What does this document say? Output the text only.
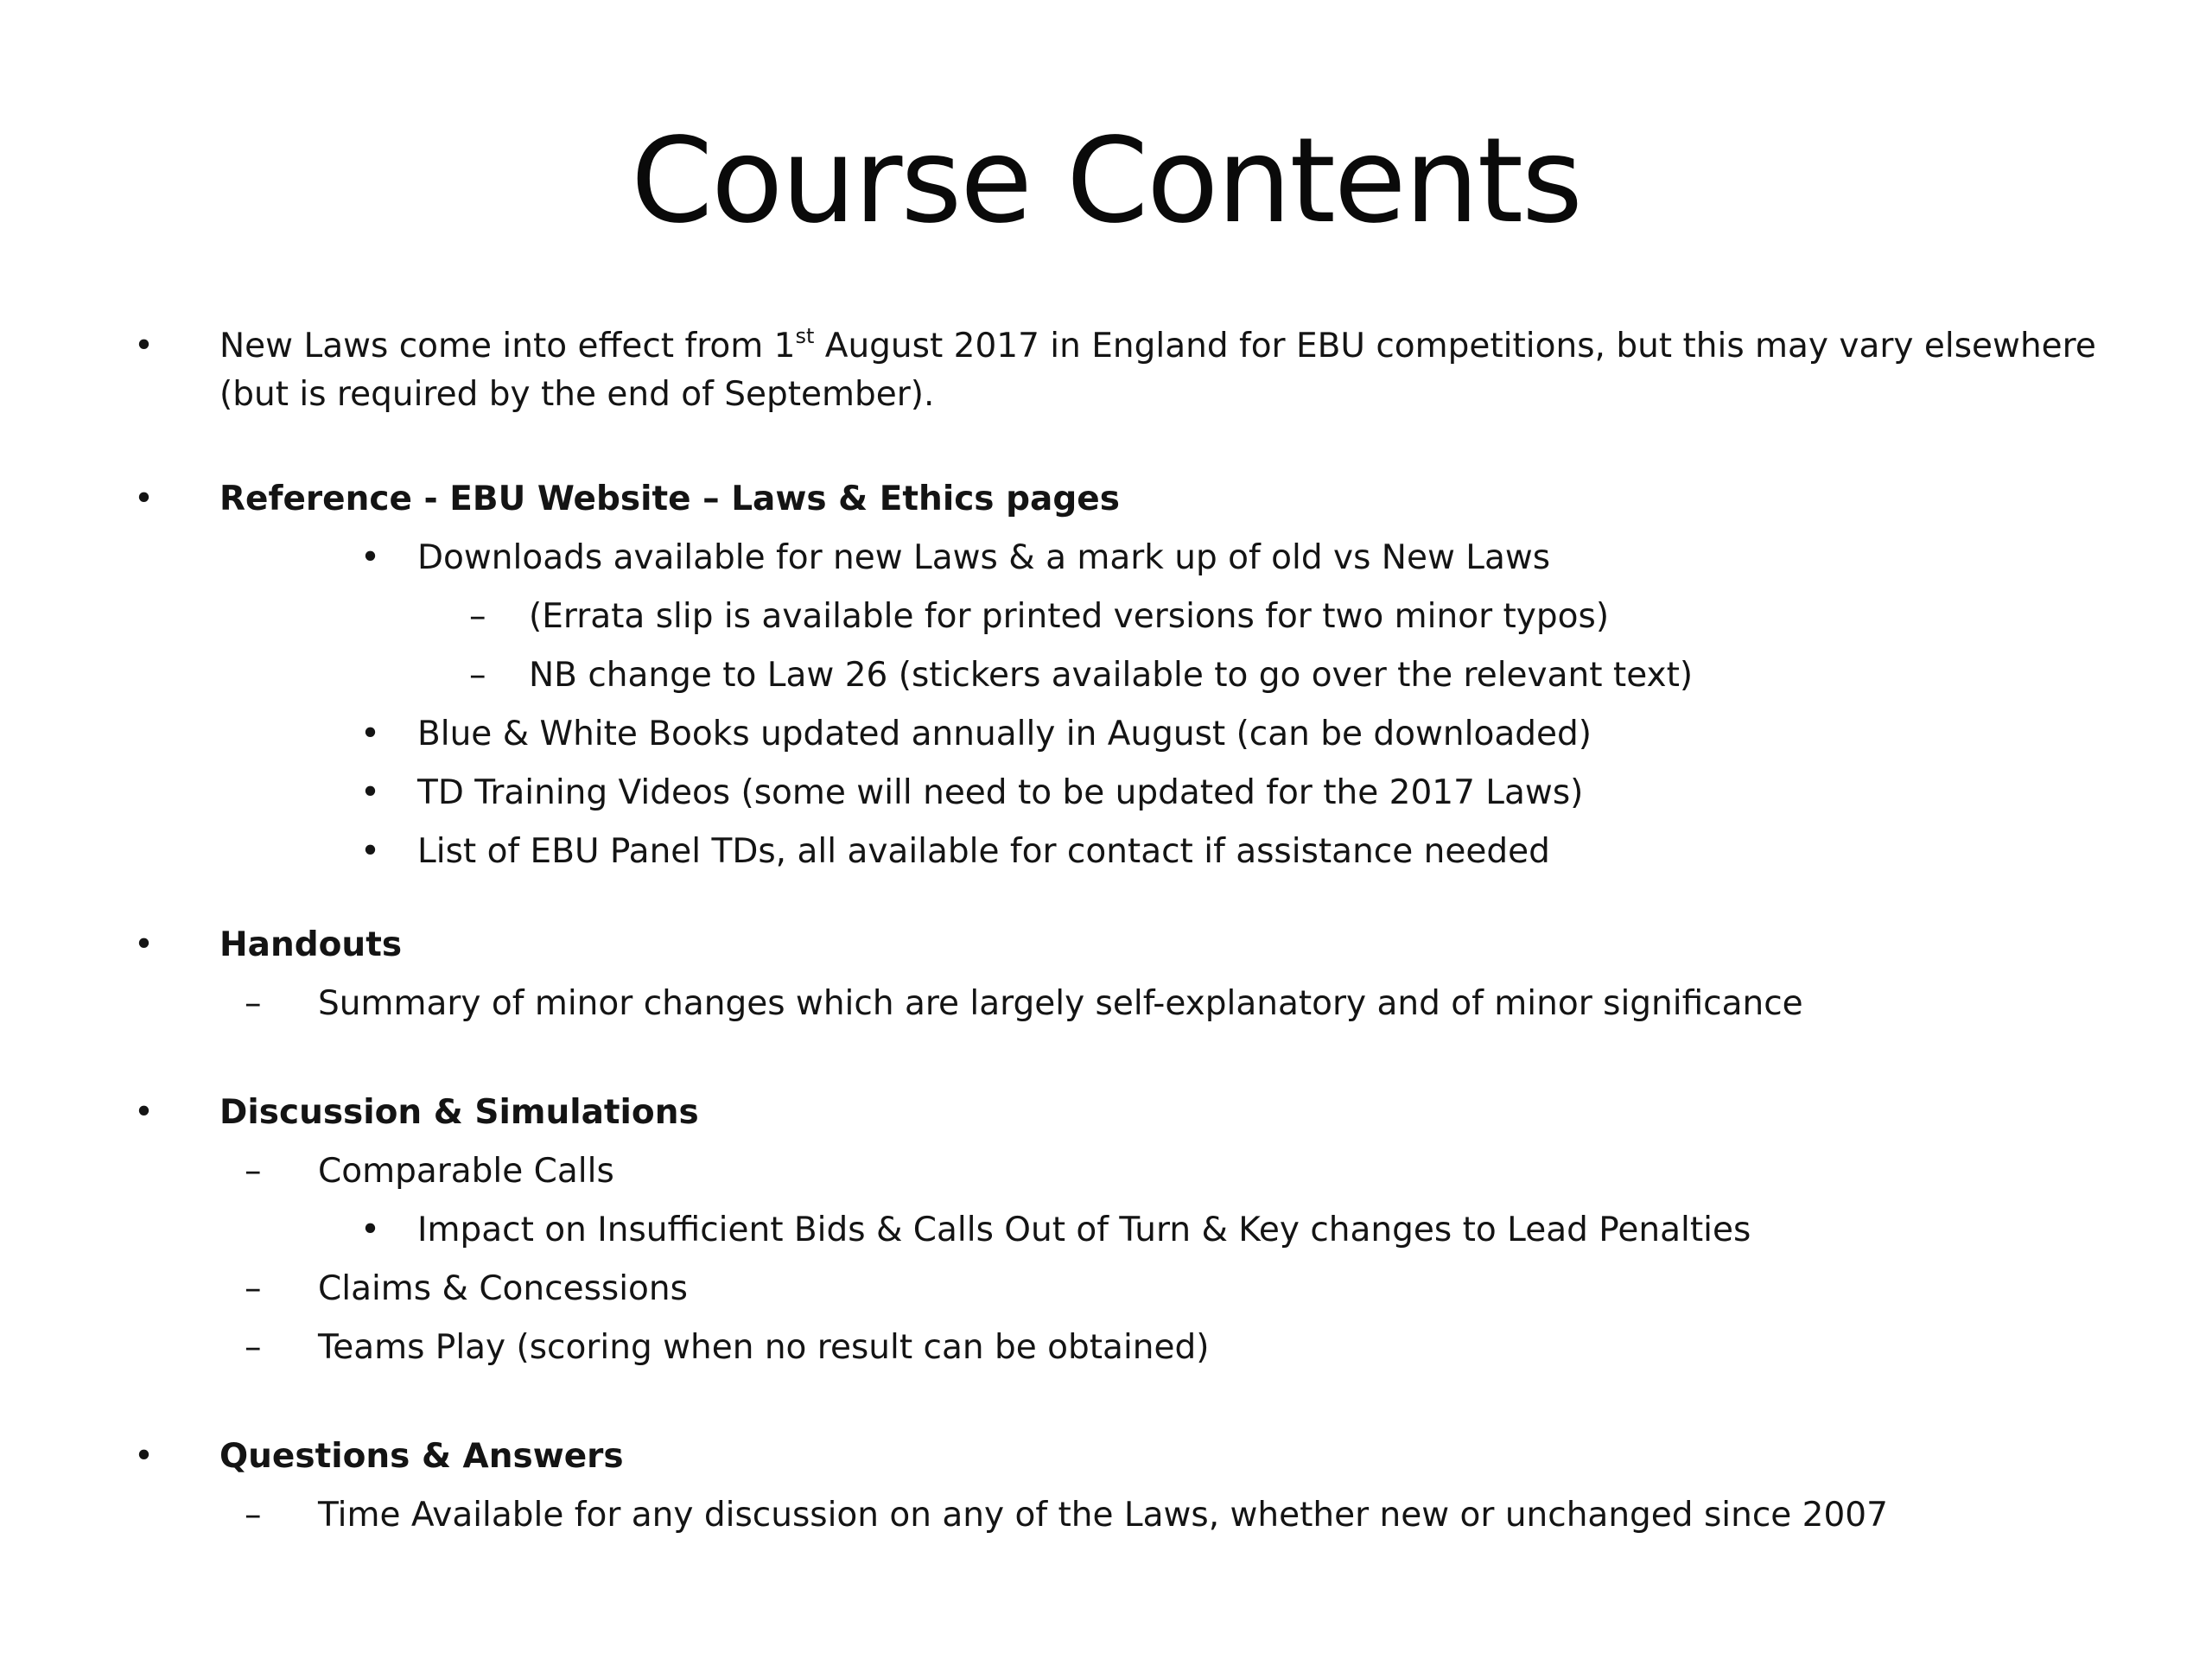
Course Contents
• New Laws come into effect from 1st August 2017 in England for EBU competitions, but this may vary elsewhere
(but is required by the end of September).
• Reference - EBU Website – Laws & Ethics pages
• Downloads available for new Laws & a mark up of old vs New Laws
– (Errata slip is available for printed versions for two minor typos)
– NB change to Law 26 (stickers available to go over the relevant text)
• Blue & White Books updated annually in August (can be downloaded)
• TD Training Videos (some will need to be updated for the 2017 Laws)
• List of EBU Panel TDs, all available for contact if assistance needed
• Handouts
– Summary of minor changes which are largely self-explanatory and of minor significance
• Discussion & Simulations
– Comparable Calls
• Impact on Insufficient Bids & Calls Out of Turn & Key changes to Lead Penalties
– Claims & Concessions
– Teams Play (scoring when no result can be obtained)
• Questions & Answers
– Time Available for any discussion on any of the Laws, whether new or unchanged since 2007
